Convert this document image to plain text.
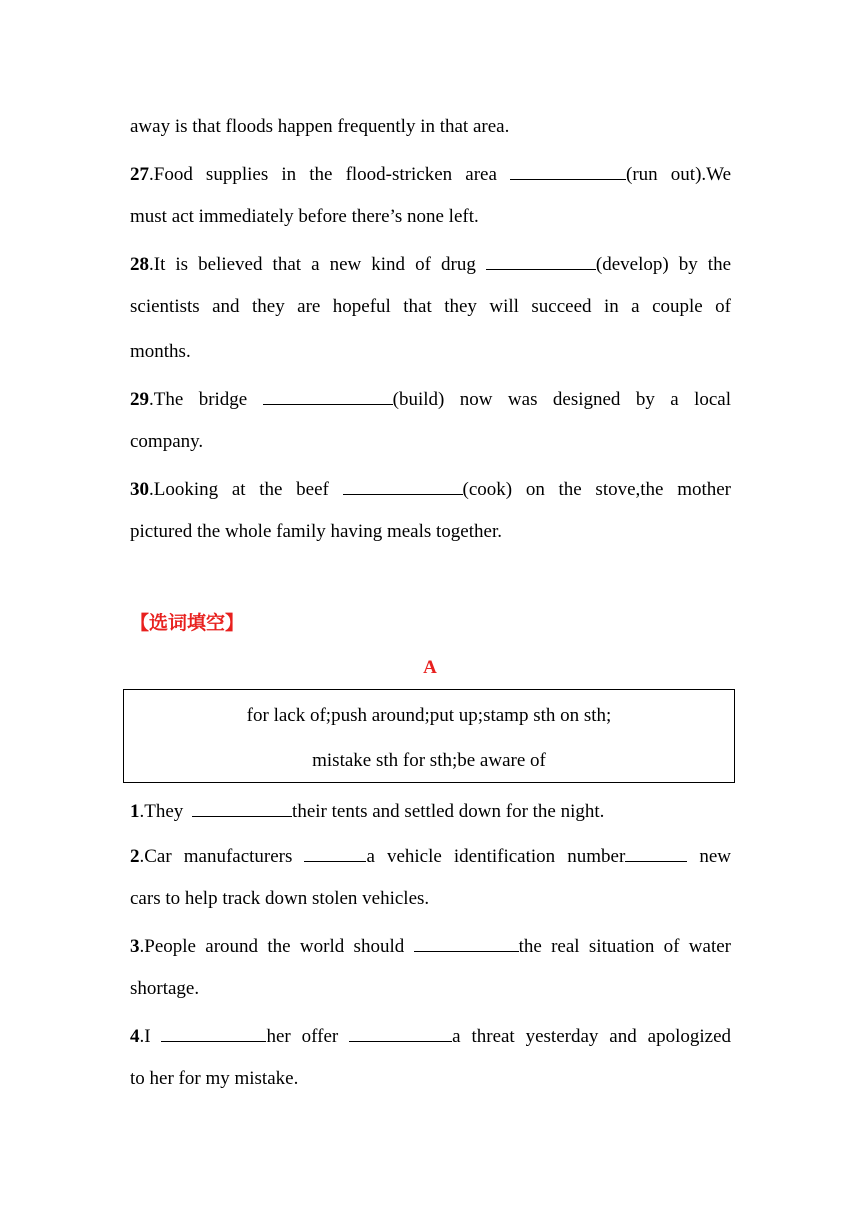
away is that floods happen frequently in that area.
27.Food supplies in the flood-stricken area	(run out).We
must act immediately before there’s none left.
28.It is believed that a new kind of drug	(develop) by the
scientists and they are hopeful that they will succeed in a couple of
months.
29.The bridge	(build) now was designed by a local
company.
30.Looking at the beef	(cook) on the stove,the mother
pictured the whole family having meals together.
【选词填空】
A
for lack of;push around;put up;stamp sth on sth;
mistake sth for sth;be aware of
1.They	their tents and settled down for the night.
2.Car manufacturers	a vehicle identification number	new
cars to help track down stolen vehicles.
3.People around the world should	the real situation of water
shortage.
4.I	her offer	a threat yesterday and apologized
to her for my mistake.
